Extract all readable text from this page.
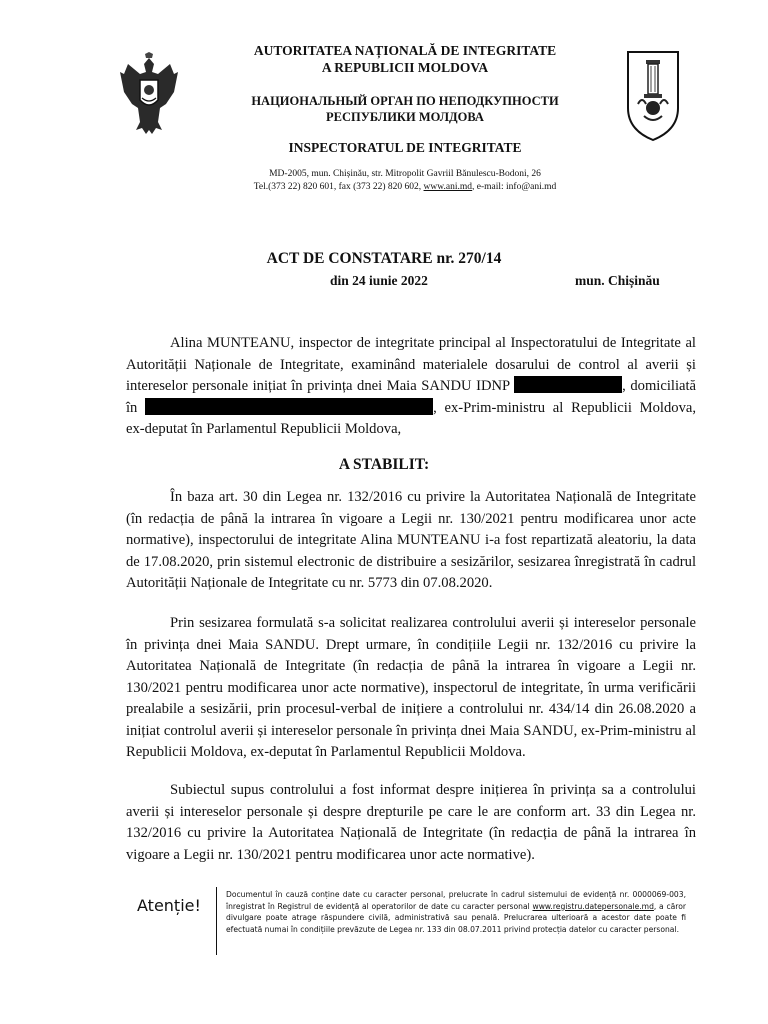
AUTORITATEA NAȚIONALĂ DE INTEGRITATE
A REPUBLICII MOLDOVA
НАЦИОНАЛЬНЫЙ ОРГАН ПО НЕПОДКУПНОСТИ
РЕСПУБЛИКИ МОЛДОВА
INSPECTORATUL DE INTEGRITATE
MD-2005, mun. Chișinău, str. Mitropolit Gavriil Bănulescu-Bodoni, 26
Tel.(373 22) 820 601, fax (373 22) 820 602, www.ani.md, e-mail: info@ani.md
ACT DE CONSTATARE nr. 270/14
din 24 iunie 2022	mun. Chișinău
Alina MUNTEANU, inspector de integritate principal al Inspectoratului de Integritate al Autorității Naționale de Integritate, examinând materialele dosarului de control al averii și intereselor personale inițiat în privința dnei Maia SANDU IDNP	, domiciliată în	, ex-Prim-ministru al Republicii Moldova, ex-deputat în Parlamentul Republicii Moldova,
A STABILIT:
În baza art. 30 din Legea nr. 132/2016 cu privire la Autoritatea Națională de Integritate (în redacția de până la intrarea în vigoare a Legii nr. 130/2021 pentru modificarea unor acte normative), inspectorului de integritate Alina MUNTEANU i-a fost repartizată aleatoriu, la data de 17.08.2020, prin sistemul electronic de distribuire a sesizărilor, sesizarea înregistrată în cadrul Autorității Naționale de Integritate cu nr. 5773 din 07.08.2020.
Prin sesizarea formulată s-a solicitat realizarea controlului averii și intereselor personale în privința dnei Maia SANDU. Drept urmare, în condițiile Legii nr. 132/2016 cu privire la Autoritatea Națională de Integritate (în redacția de până la intrarea în vigoare a Legii nr. 130/2021 pentru modificarea unor acte normative), inspectorul de integritate, în urma verificării prealabile a sesizării, prin procesul-verbal de inițiere a controlului nr. 434/14 din 26.08.2020 a inițiat controlul averii și intereselor personale în privința dnei Maia SANDU, ex-Prim-ministru al Republicii Moldova, ex-deputat în Parlamentul Republicii Moldova.
Subiectul supus controlului a fost informat despre inițierea în privința sa a controlului averii și intereselor personale și despre drepturile pe care le are conform art. 33 din Legea nr. 132/2016 cu privire la Autoritatea Națională de Integritate (în redacția de până la intrarea în vigoare a Legii nr. 130/2021 pentru modificarea unor acte normative).
Atenție!
Documentul în cauză conține date cu caracter personal, prelucrate în cadrul sistemului de evidență nr. 0000069-003, înregistrat în Registrul de evidență al operatorilor de date cu caracter personal www.registru.datepersonale.md, a căror divulgare poate atrage răspundere civilă, administrativă sau penală. Prelucrarea ulterioară a acestor date poate fi efectuată numai în condițiile prevăzute de Legea nr. 133 din 08.07.2011 privind protecția datelor cu caracter personal.
